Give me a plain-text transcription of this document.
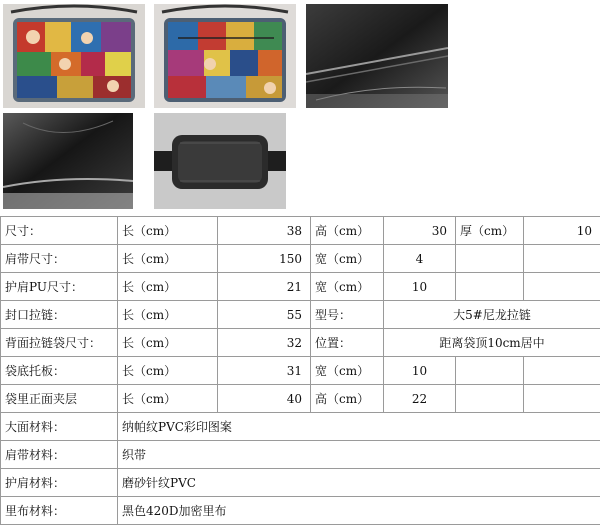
尺寸：	长（cm）	38	高（cm）	30	厚（cm）	10
肩带尺寸：	长（cm）	150	宽（cm）	4		
护肩PU尺寸：	长（cm）	21	宽（cm）	10		
封口拉链：	长（cm）	55	型号：	大5#尼龙拉链		
背面拉链袋尺寸：	长（cm）	32	位置：	距离袋顶10cm居中		
袋底托板：	长（cm）	31	宽（cm）	10		
袋里正面夹层	长（cm）	40	高（cm）	22		
大面材料：	纳帕纹PVC彩印图案					
肩带材料：	织带					
护肩材料：	磨砂针纹PVC					
里布材料：	黑色420D加密里布					
